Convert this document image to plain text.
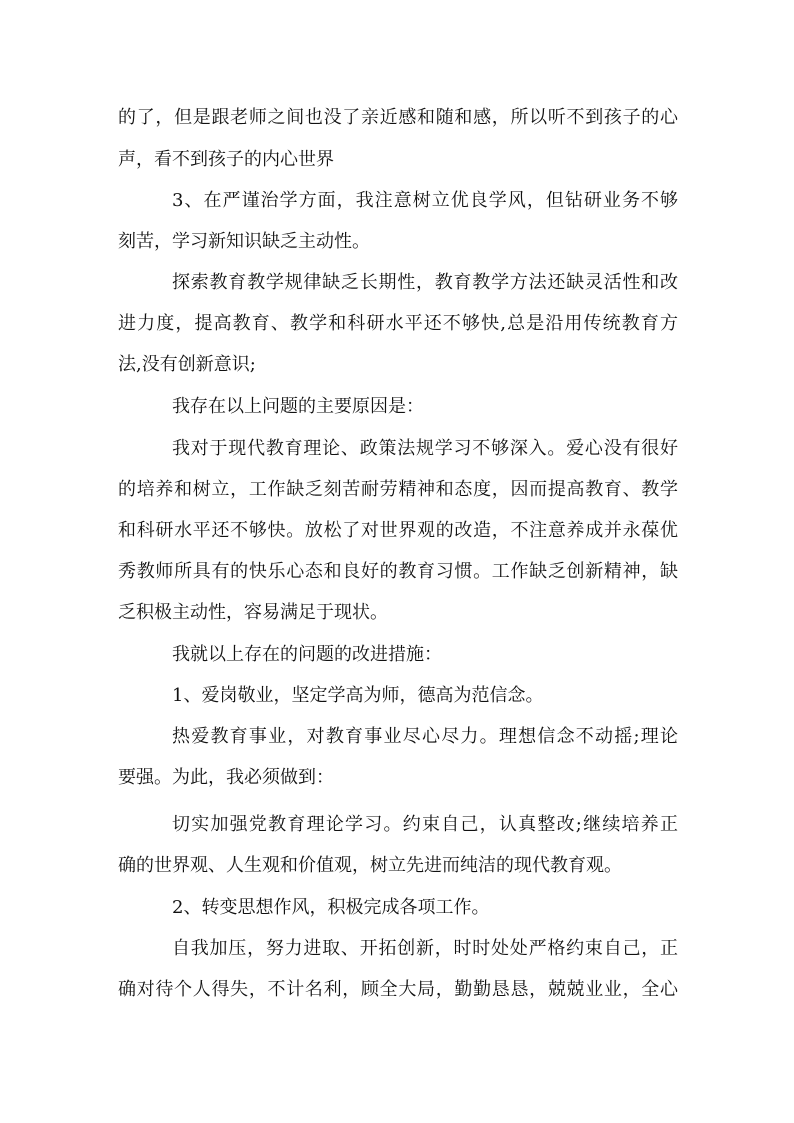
的了，但是跟老师之间也没了亲近感和随和感，所以听不到孩子的心
声，看不到孩子的内心世界
3、在严谨治学方面，我注意树立优良学风，但钻研业务不够
刻苦，学习新知识缺乏主动性。
探索教育教学规律缺乏长期性，教育教学方法还缺灵活性和改
进力度，提高教育、教学和科研水平还不够快,总是沿用传统教育方
法,没有创新意识;
我存在以上问题的主要原因是：
我对于现代教育理论、政策法规学习不够深入。爱心没有很好
的培养和树立，工作缺乏刻苦耐劳精神和态度，因而提高教育、教学
和科研水平还不够快。放松了对世界观的改造，不注意养成并永葆优
秀教师所具有的快乐心态和良好的教育习惯。工作缺乏创新精神，缺
乏积极主动性，容易满足于现状。
我就以上存在的问题的改进措施：
1、爱岗敬业，坚定学高为师，德高为范信念。
热爱教育事业，对教育事业尽心尽力。理想信念不动摇;理论
要强。为此，我必须做到：
切实加强党教育理论学习。约束自己，认真整改;继续培养正
确的世界观、人生观和价值观，树立先进而纯洁的现代教育观。
2、转变思想作风，积极完成各项工作。
自我加压，努力进取、开拓创新，时时处处严格约束自己，正
确对待个人得失，不计名利，顾全大局，勤勤恳恳，兢兢业业，全心
